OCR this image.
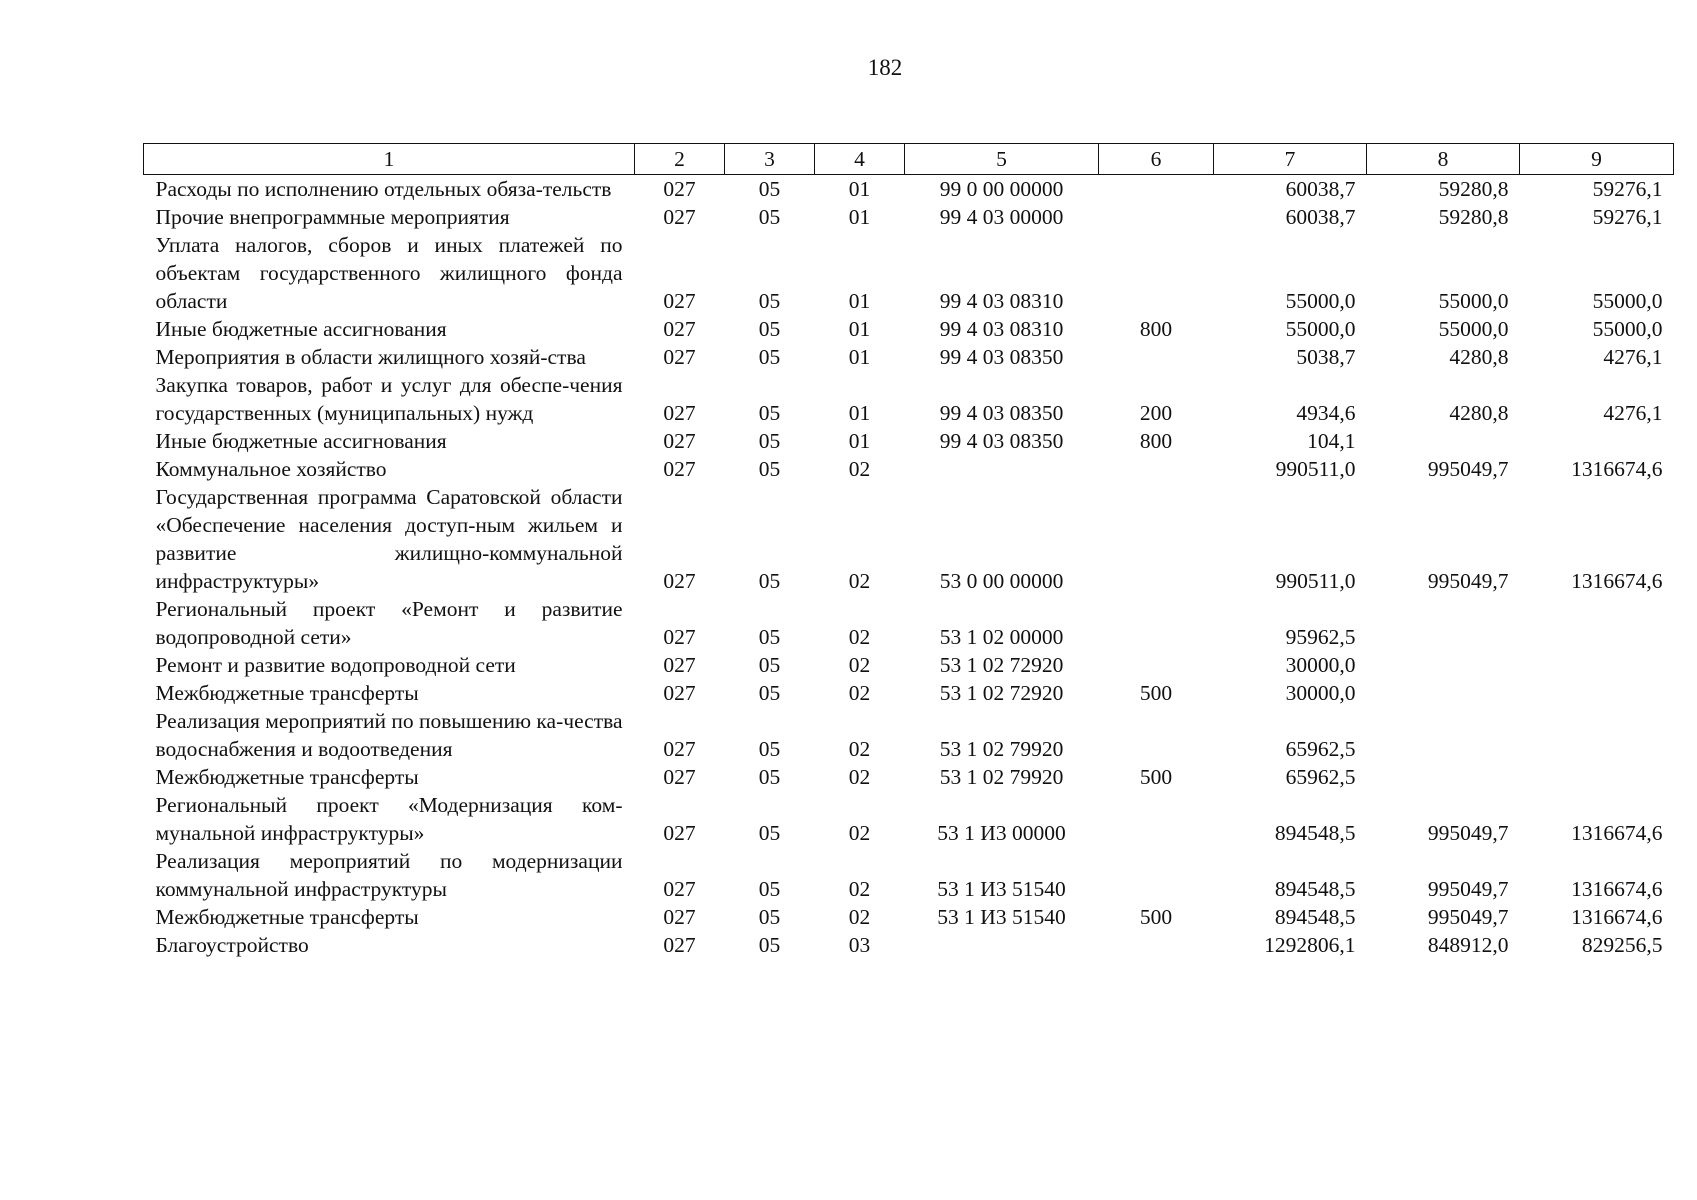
182
1	2	3	4	5	6	7	8	9
Расходы по исполнению отдельных обяза-тельств	027	05	01	99 0 00 00000		60038,7	59280,8	59276,1
Прочие внепрограммные мероприятия	027	05	01	99 4 03 00000		60038,7	59280,8	59276,1
Уплата налогов, сборов и иных платежей по объектам государственного жилищного фонда области	027	05	01	99 4 03 08310		55000,0	55000,0	55000,0
Иные бюджетные ассигнования	027	05	01	99 4 03 08310	800	55000,0	55000,0	55000,0
Мероприятия в области жилищного хозяй-ства	027	05	01	99 4 03 08350		5038,7	4280,8	4276,1
Закупка товаров, работ и услуг для обеспе-чения государственных (муниципальных) нужд	027	05	01	99 4 03 08350	200	4934,6	4280,8	4276,1
Иные бюджетные ассигнования	027	05	01	99 4 03 08350	800	104,1		
Коммунальное хозяйство	027	05	02			990511,0	995049,7	1316674,6
Государственная программа Саратовской области «Обеспечение населения доступ-ным жильем и развитие жилищно-коммунальной инфраструктуры»	027	05	02	53 0 00 00000		990511,0	995049,7	1316674,6
Региональный проект «Ремонт и развитие водопроводной сети»	027	05	02	53 1 02 00000		95962,5		
Ремонт и развитие водопроводной сети	027	05	02	53 1 02 72920		30000,0		
Межбюджетные трансферты	027	05	02	53 1 02 72920	500	30000,0		
Реализация мероприятий по повышению ка-чества водоснабжения и водоотведения	027	05	02	53 1 02 79920		65962,5		
Межбюджетные трансферты	027	05	02	53 1 02 79920	500	65962,5		
Региональный проект «Модернизация ком-мунальной инфраструктуры»	027	05	02	53 1 И3 00000		894548,5	995049,7	1316674,6
Реализация мероприятий по модернизации коммунальной инфраструктуры	027	05	02	53 1 И3 51540		894548,5	995049,7	1316674,6
Межбюджетные трансферты	027	05	02	53 1 И3 51540	500	894548,5	995049,7	1316674,6
Благоустройство	027	05	03			1292806,1	848912,0	829256,5
